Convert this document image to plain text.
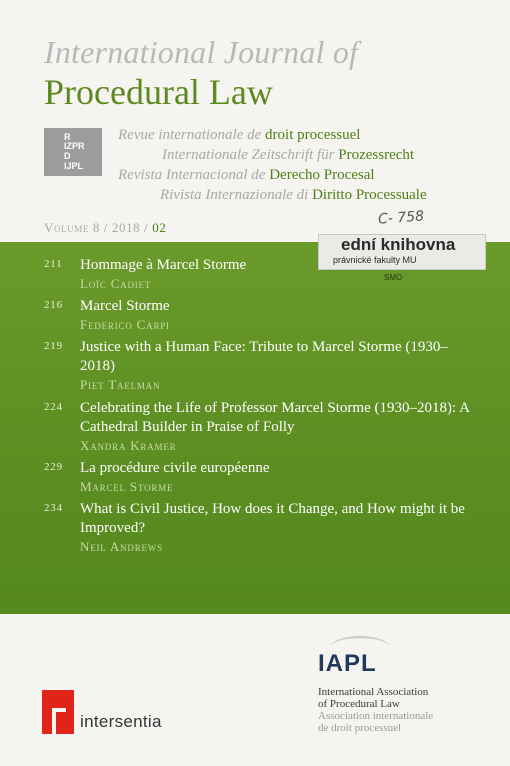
International Journal of
Procedural Law
R
IZPR
D
IJPL
Revue internationale de droit processuel
Internationale Zeitschrift für Prozessrecht
Revista Internacional de Derecho Procesal
Rivista Internazionale di Diritto Processuale
Volume 8 / 2018 / 02	C- 758
ední knihovna
právnické fakulty MU
SMO
211 Hommage à Marcel Storme
Loïc Cadiet
216 Marcel Storme
Federico Carpi
219 Justice with a Human Face: Tribute to Marcel Storme (1930–2018)
Piet Taelman
224 Celebrating the Life of Professor Marcel Storme (1930–2018): A Cathedral Builder in Praise of Folly
Xandra Kramer
229 La procédure civile européenne
Marcel Storme
234 What is Civil Justice, How does it Change, and How might it be Improved?
Neil Andrews
intersentia
IAPL
International Association
of Procedural Law
Association internationale
de droit processuel
